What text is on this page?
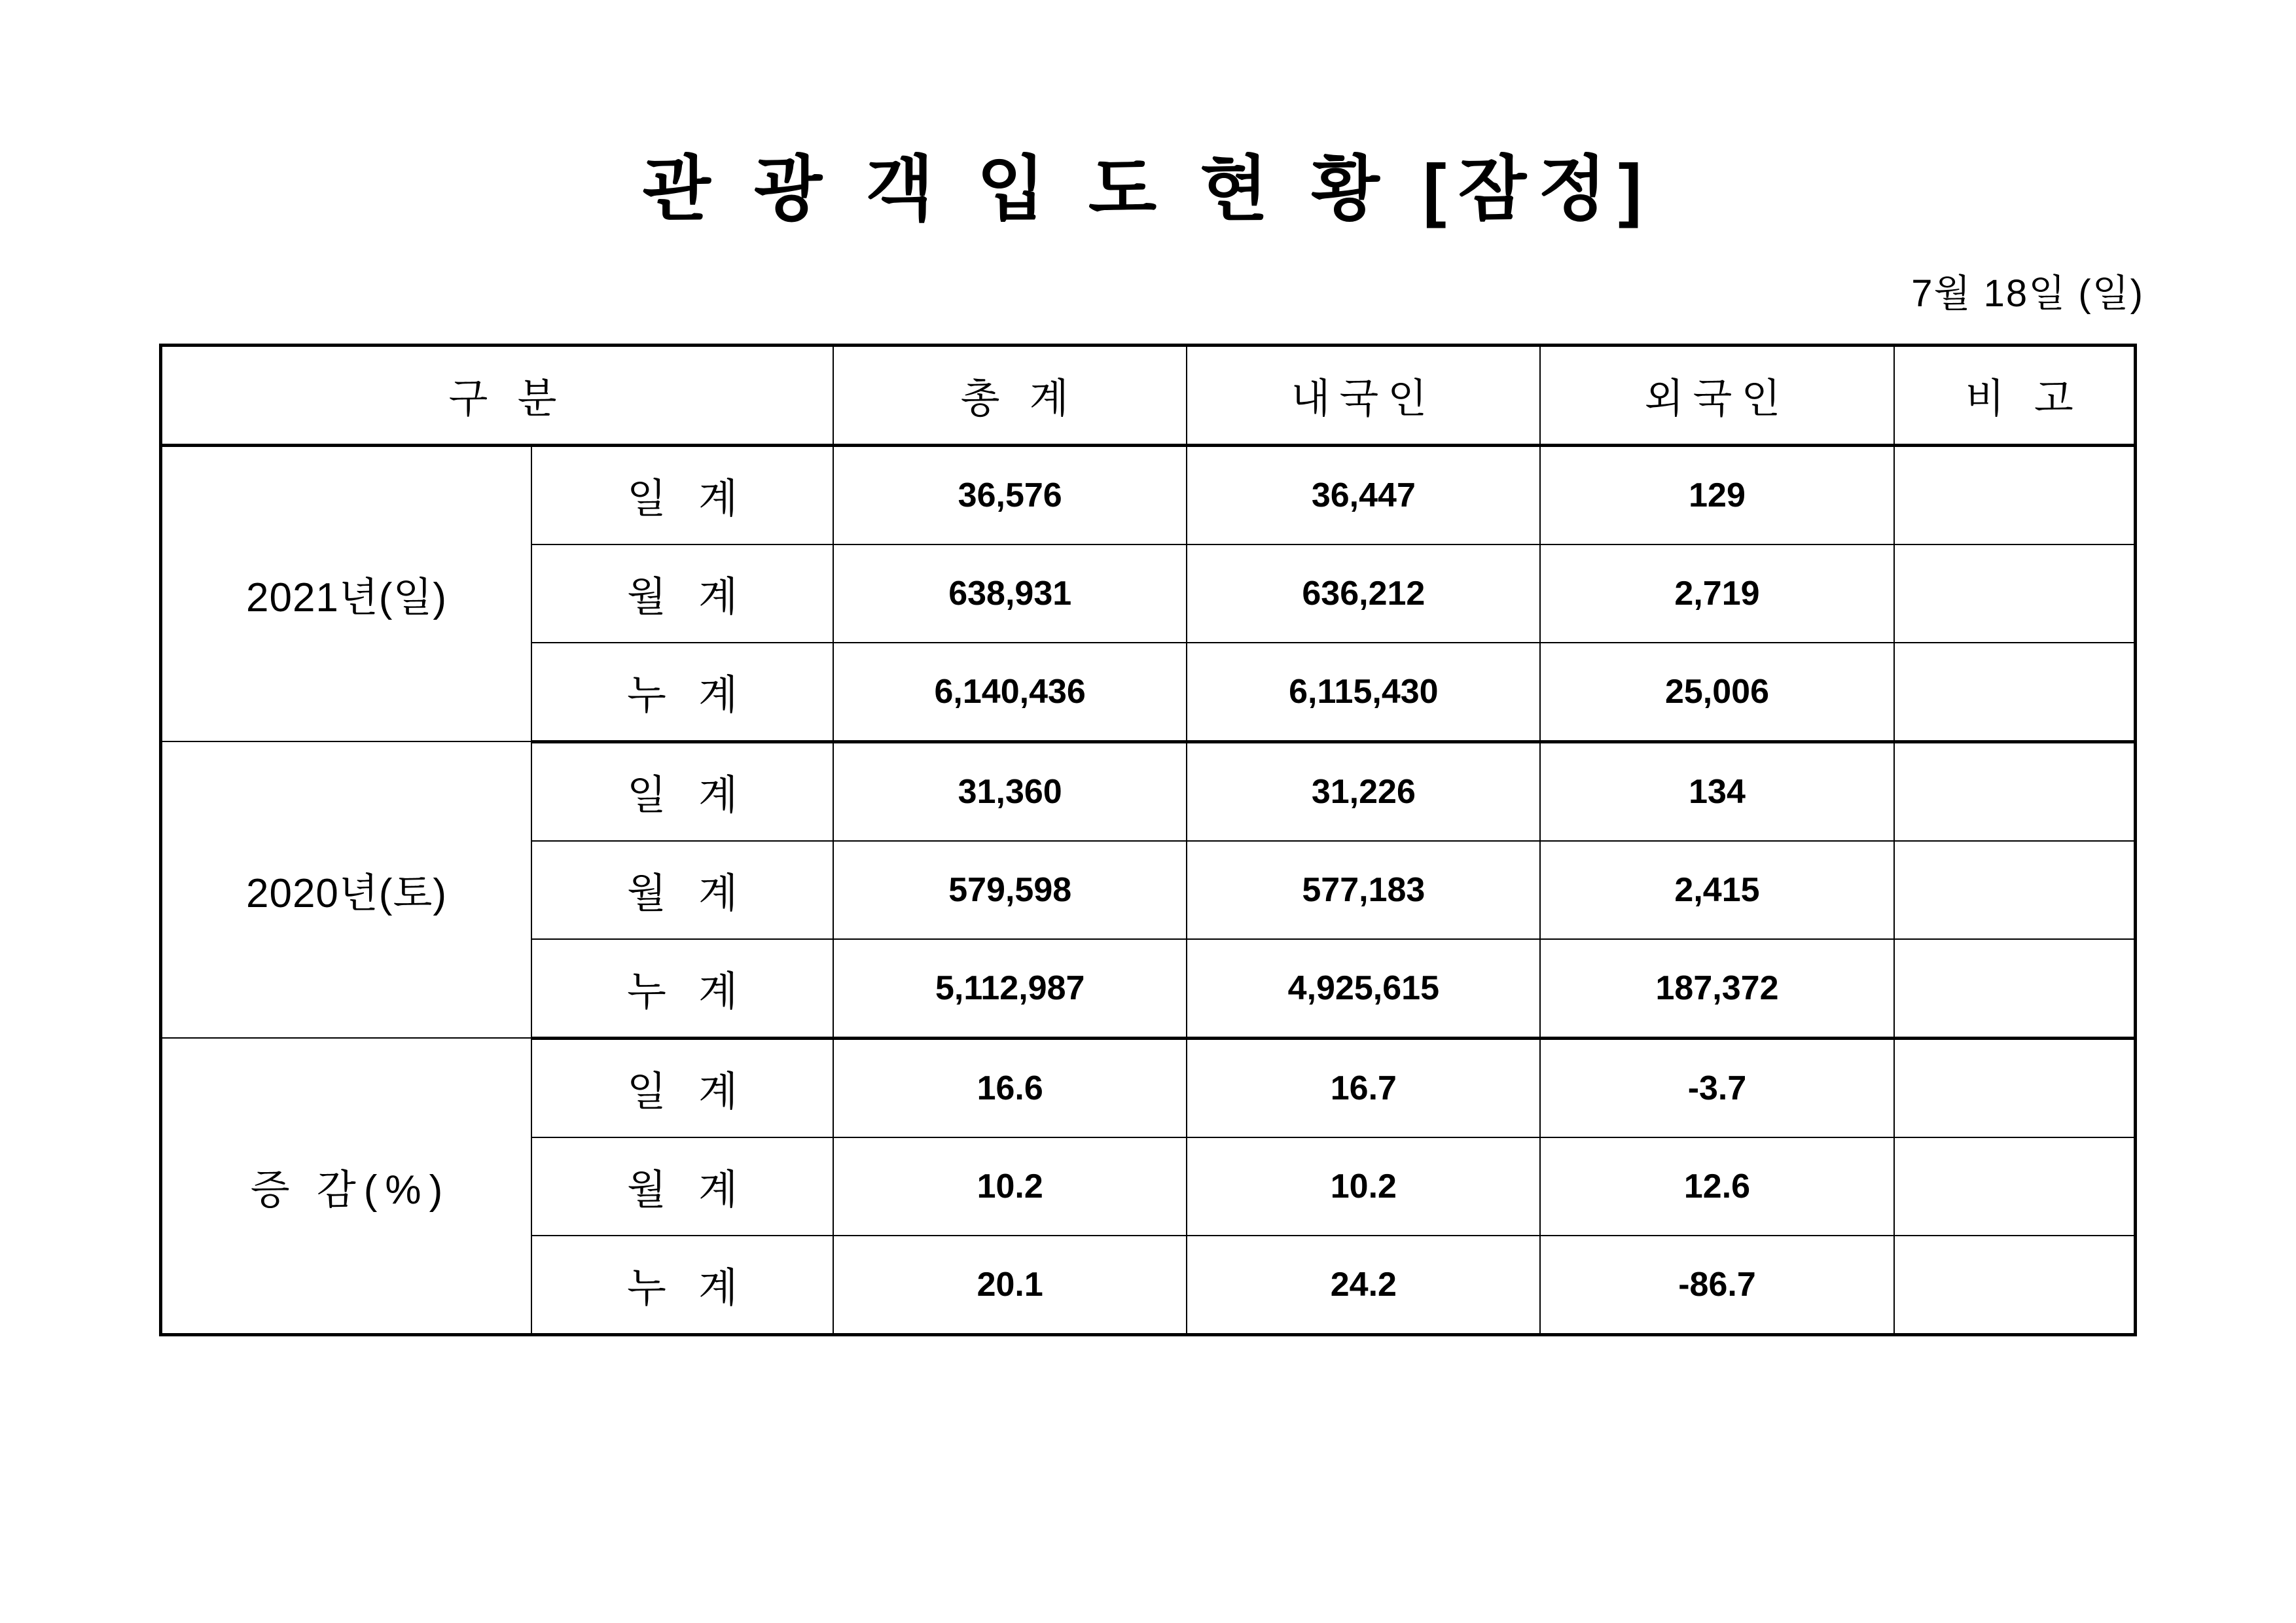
관 광 객 입 도 현 황 [잠정]
7월 18일 (일)
구 분		총 계	내국인	외국인	비 고
2021년(일)	일 계	36,576	36,447	129	
	월 계	638,931	636,212	2,719	
	누 계	6,140,436	6,115,430	25,006	
2020년(토)	일 계	31,360	31,226	134	
	월 계	579,598	577,183	2,415	
	누 계	5,112,987	4,925,615	187,372	
증 감(%)	일 계	16.6	16.7	-3.7	
	월 계	10.2	10.2	12.6	
	누 계	20.1	24.2	-86.7	
